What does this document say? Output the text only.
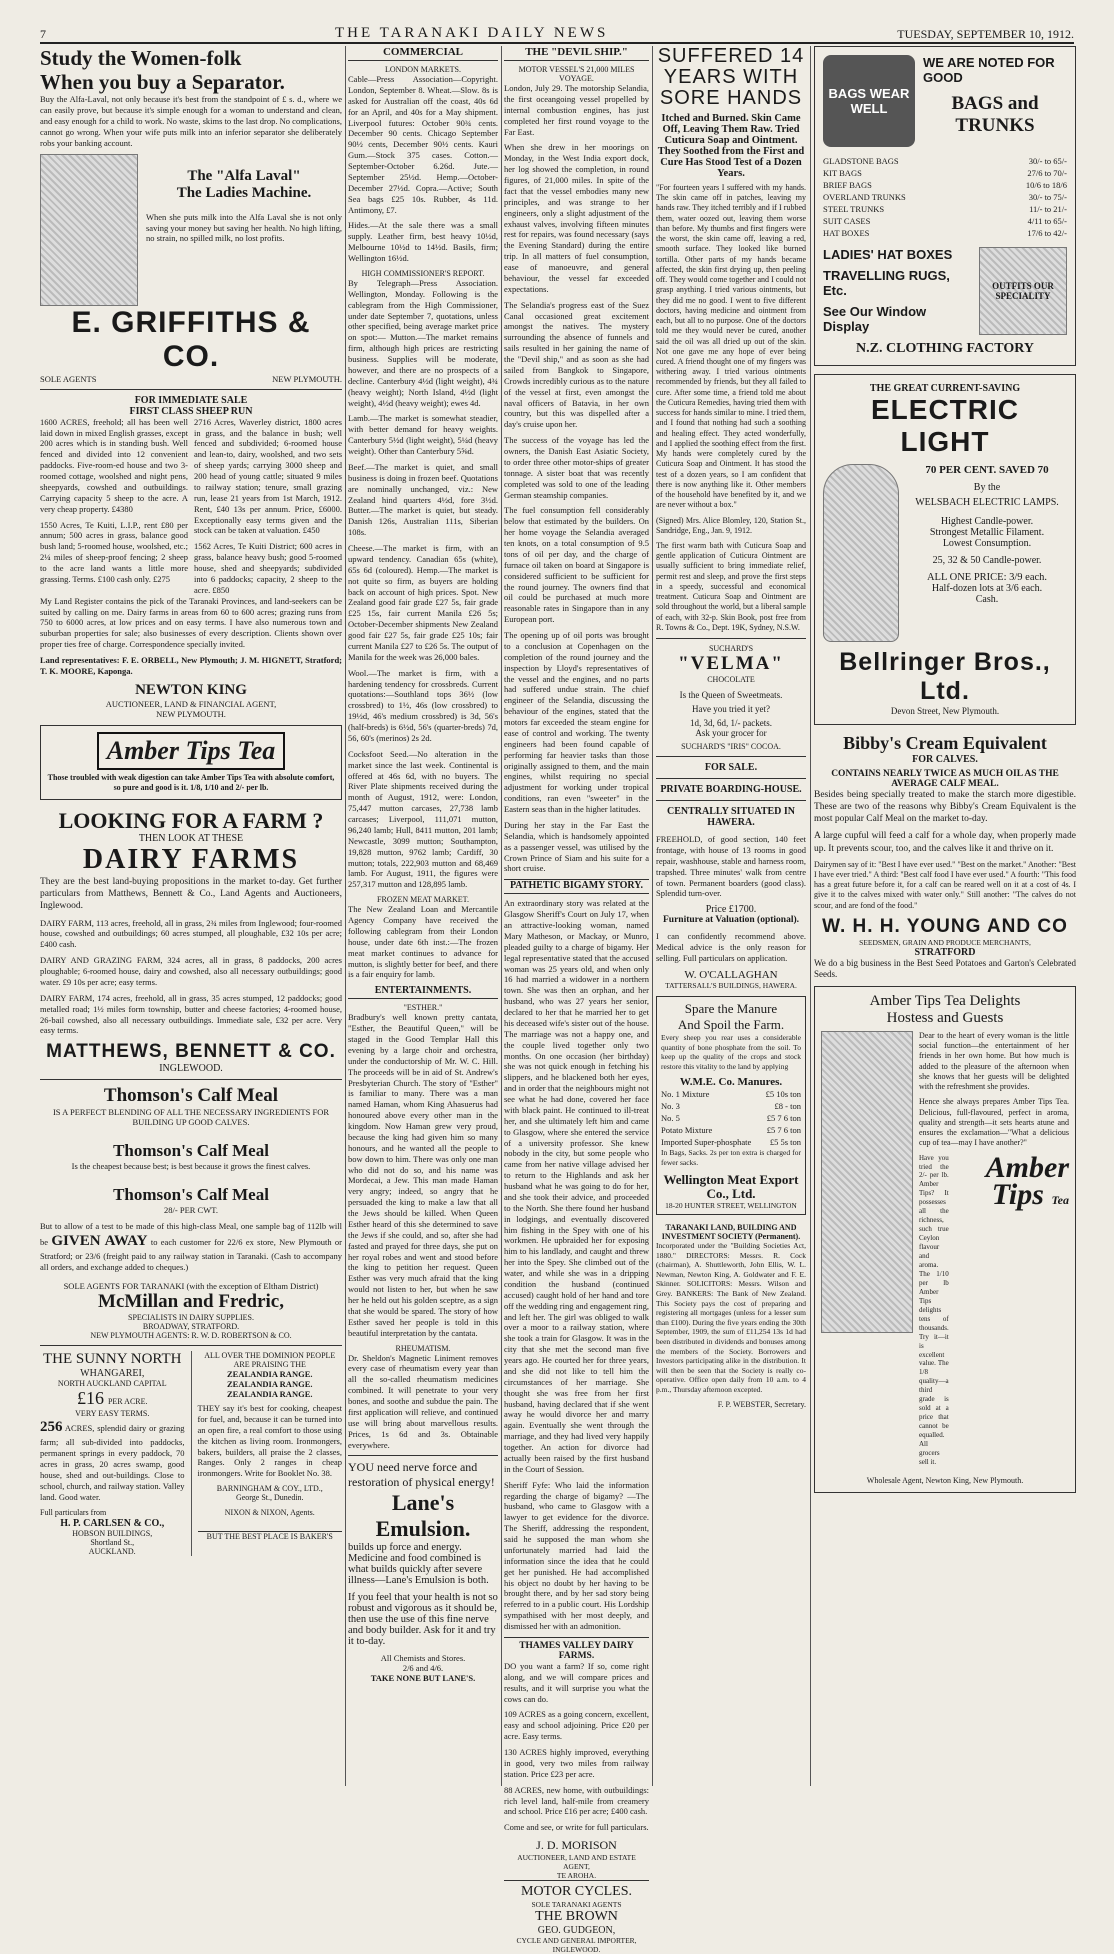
7	THE TARANAKI DAILY NEWS	TUESDAY, SEPTEMBER 10, 1912.
Study the Women-folk
When you buy a Separator.

Buy the Alfa-Laval, not only because it's best from the standpoint of £ s. d., where we can easily prove, but because it's simple enough for a woman to understand and clean, and easy enough for a child to work. No waste, skims to the last drop. No complications, cannot go wrong. When your wife puts milk into an inferior separator she deliberately robs your banking account.

The "Alfa Laval"
The Ladies Machine.

When she puts milk into the Alfa Laval she is not only saving your money but saving her health. No high lifting, no strain, no spilled milk, no lost profits.

E. GRIFFITHS & CO.
SOLE AGENTS	NEW PLYMOUTH.
FOR IMMEDIATE SALE
FIRST CLASS SHEEP RUN

1600 ACRES, freehold; all has been well laid down in mixed English grasses, except 200 acres which is in standing bush. Well fenced and divided into 12 convenient paddocks. Five-room-ed house and two 3-roomed cottage, woolshed and night pens, sheepyards, cowshed and outbuildings. Carrying capacity 5 sheep to the acre. A very cheap property. £4380

1550 Acres, Te Kuiti, L.I.P., rent £80 per annum; 500 acres in grass, balance good bush land; 5-roomed house, woolshed, etc.; 2¼ miles of sheep-proof fencing; 2 sheep to the acre land wants a little more grassing. Terms. £100 cash only. £275

2716 Acres, Waverley district, 1800 acres in grass, and the balance in bush; well fenced and subdivided; 6-roomed house and lean-to, dairy, woolshed, and two sets of sheep yards; carrying 3000 sheep and 200 head of young cattle; situated 9 miles to railway station; tenure, small grazing run, lease 21 years from 1st March, 1912. Rent, £40 13s per annum. Price, £6000. Exceptionally easy terms given and the stock can be taken at valuation. £450

1562 Acres, Te Kuiti District; 600 acres in grass, balance heavy bush; good 5-roomed house, shed and sheepyards; subdivided into 6 paddocks; capacity, 2 sheep to the acre. £850

My Land Register contains the pick of the Taranaki Provinces, and land-seekers can be suited by calling on me. Dairy farms in areas from 60 to 600 acres; grazing runs from 750 to 6000 acres, at low prices and on easy terms. I have also numerous town and suburban properties for sale; also businesses of every description. Clients shown over proper ties free of charge. Correspondence specially invited.

Land representatives: F. E. ORBELL, New Plymouth; J. M. HIGNETT, Stratford; T. K. MOORE, Kaponga.

NEWTON KING
AUCTIONEER, LAND & FINANCIAL AGENT,
NEW PLYMOUTH.
Amber Tips Tea
Those troubled with weak digestion can take Amber Tips Tea with absolute comfort, so pure and good is it. 1/8, 1/10 and 2/- per lb.
LOOKING FOR A FARM ?
THEN LOOK AT THESE
DAIRY FARMS

They are the best land-buying propositions in the market to-day. Get further particulars from Matthews, Bennett & Co., Land Agents and Auctioneers, Inglewood.

DAIRY FARM, 113 acres, freehold, all in grass, 2¾ miles from Inglewood; four-roomed house, cowshed and outbuildings; 60 acres stumped, all ploughable, £32 10s per acre; £400 cash.

DAIRY AND GRAZING FARM, 324 acres, all in grass, 8 paddocks, 200 acres ploughable; 6-roomed house, dairy and cowshed, also all necessary outbuildings; good water. £9 10s per acre; easy terms.

DAIRY FARM, 174 acres, freehold, all in grass, 35 acres stumped, 12 paddocks; good metalled road; 1½ miles form township, butter and cheese factories; 4-roomed house, 26-bail cowshed, also all necessary outbuildings. Immediate sale, £32 per acre. Very easy terms.

MATTHEWS, BENNETT & CO.
INGLEWOOD.
Thomson's Calf Meal
IS A PERFECT BLENDING OF ALL THE NECESSARY INGREDIENTS FOR BUILDING UP GOOD CALVES.
Thomson's Calf Meal
Is the cheapest because best; is best because it grows the finest calves.
Thomson's Calf Meal
28/- PER CWT.

But to allow of a test to be made of this high-class Meal, one sample bag of 112lb will be GIVEN AWAY to each customer for 22/6 ex store, New Plymouth or Stratford; or 23/6 (freight paid to any railway station in Taranaki. (Cash to accompany all orders, and exchange added to cheques.)

SOLE AGENTS FOR TARANAKI (with the exception of Eltham District)
McMillan and Fredric,
SPECIALISTS IN DAIRY SUPPLIES.
BROADWAY, STRATFORD.
NEW PLYMOUTH AGENTS: R. W. D. ROBERTSON & CO.
THE SUNNY NORTH
WHANGAREI,
NORTH AUCKLAND CAPITAL
£16 PER ACRE.
VERY EASY TERMS.

256 ACRES, splendid dairy or grazing farm; all sub-divided into paddocks, permanent springs in every paddock, 70 acres in grass, 20 acres swamp, good house, shed and out-buildings. Close to school, church, and railway station. Valley land. Good water.

Full particulars from
H. P. CARLSEN & CO.,
HOBSON BUILDINGS,
Shortland St.,
AUCKLAND.
ALL OVER THE DOMINION PEOPLE ARE PRAISING THE
ZEALANDIA RANGE.
ZEALANDIA RANGE.
ZEALANDIA RANGE.

THEY say it's best for cooking, cheapest for fuel, and, because it can be turned into an open fire, a real comfort to those using the kitchen as living room. Ironmongers, bakers, builders, all praise the 2 classes, Ranges. Only 2 ranges in cheap ironmongers. Write for Booklet No. 38.

BARNINGHAM & COY., LTD.,
George St., Dunedin.
NIXON & NIXON, Agents.
BUT THE BEST PLACE IS BAKER'S
COMMERCIAL
LONDON MARKETS.

Cable—Press Association—Copyright. London, September 8. Wheat.—Slow. 8s is asked for Australian off the coast, 40s 6d for an April, and 40s for a May shipment. Liverpool futures: October 90¾ cents. December 90 cents. Chicago September 90½ cents, December 90½ cents. Kauri Gum.—Stock 375 cases. Cotton.—September-October 6.26d. Jute.—September 25½d. Hemp.—October-December 27½d. Copra.—Active; South Sea bags £25 10s. Rubber, 4s 11d. Antimony, £7.

Hides.—At the sale there was a small supply. Leather firm, best heavy 10½d, Melbourne 10½d to 14½d. Basils, firm; Wellington 16½d.

HIGH COMMISSIONER'S REPORT.

By Telegraph—Press Association. Wellington, Monday. Following is the cablegram from the High Commissioner, under date September 7, quotations, unless other specified, being average market price on spot:— Mutton.—The market remains firm, although high prices are restricting business. Supplies will be moderate, however, and there are no prospects of a decline. Canterbury 4½d (light weight), 4¾ (heavy weight); North Island, 4½d (light weight), 4½d (heavy weight); ewes 4d.

Lamb.—The market is somewhat steadier, with better demand for heavy weights. Canterbury 5½d (light weight), 5¼d (heavy weight). Other than Canterbury 5⅝d.

Beef.—The market is quiet, and small business is doing in frozen beef. Quotations are nominally unchanged, viz.: New Zealand hind quarters 4½d, fore 3½d. Butter.—The market is quiet, but steady. Danish 126s, Australian 111s, Siberian 108s.

Cheese.—The market is firm, with an upward tendency. Canadian 65s (white), 65s 6d (coloured). Hemp.—The market is not quite so firm, as buyers are holding back on account of high prices. Spot. New Zealand good fair grade £27 5s, fair grade £25 15s, fair current Manila £26 5s; October-December shipments New Zealand good fair £27 5s, fair grade £25 10s; fair current Manila £27 to £26 5s. The output of Manila for the week was 26,000 bales.

Wool.—The market is firm, with a hardening tendency for crossbreds. Current quotations:—Southland tops 36½ (low crossbred) to 1½, 46s (low crossbred) to 19½d, 46's medium crossbred) is 3d, 56's (half-breds) is 6½d, 56's (quarter-breds) 7d, 56, 60's (merinos) 2s 2d.

Cocksfoot Seed.—No alteration in the market since the last week. Continental is offered at 46s 6d, with no buyers. The River Plate shipments received during the month of August, 1912, were: London, 75,447 mutton carcases, 27,738 lamb carcases; Liverpool, 111,071 mutton, 96,240 lamb; Hull, 8411 mutton, 201 lamb; Newcastle, 3099 mutton; Southampton, 19,828 mutton, 9762 lamb; Cardiff, 30 mutton; totals, 222,903 mutton and 68,469 lamb. For August, 1911, the figures were 257,317 mutton and 128,895 lamb.

FROZEN MEAT MARKET.

The New Zealand Loan and Mercantile Agency Company have received the following cablegram from their London house, under date 6th inst.:—The frozen meat market continues to advance for mutton, is slightly better for beef, and there is a fair enquiry for lamb.

ENTERTAINMENTS.
"ESTHER."

Bradbury's well known pretty cantata, "Esther, the Beautiful Queen," will be staged in the Good Templar Hall this evening by a large choir and orchestra, under the conductorship of Mr. W. C. Hill. The proceeds will be in aid of St. Andrew's Presbyterian Church. The story of "Esther" is familiar to many. There was a man named Haman, whom King Ahasuerus had honoured above every other man in the kingdom. Now Haman grew very proud, because the king had given him so many honours, and he wanted all the people to bow down to him. There was only one man who did not do so, and his name was Mordecai, a Jew. This man made Haman very angry; indeed, so angry that he persuaded the king to make a law that all the Jews should be killed. When Queen Esther heard of this she determined to save the Jews if she could, and so, after she had fasted and prayed for three days, she put on her royal robes and went and stood before the king to petition her request. Queen Esther was very much afraid that the king would not listen to her, but when he saw her he held out his golden sceptre, as a sign that she would be spared. The story of how Esther saved her people is told in this beautiful interpretation by the cantata.

RHEUMATISM.

Dr. Sheldon's Magnetic Liniment removes every case of rheumatism every year than all the so-called rheumatism medicines combined. It will penetrate to your very bones, and soothe and subdue the pain. The first application will relieve, and continued use will bring about marvellous results. Prices, 1s 6d and 3s. Obtainable everywhere.

YOU need nerve force and restoration of physical energy!
Lane's Emulsion.
builds up force and energy. Medicine and food combined is what builds quickly after severe illness—Lane's Emulsion is both.
If you feel that your health is not so robust and vigorous as it should be, then use the use of this fine nerve and body builder. Ask for it and try it to-day.
All Chemists and Stores.
2/6 and 4/6.
TAKE NONE BUT LANE'S.
THE "DEVIL SHIP."
MOTOR VESSEL'S 21,000 MILES VOYAGE.

London, July 29. The motorship Selandia, the first oceangoing vessel propelled by internal combustion engines, has just completed her first round voyage to the Far East.

When she drew in her moorings on Monday, in the West India export dock, her log showed the completion, in round figures, of 21,000 miles. In spite of the fact that the vessel embodies many new principles, and was strange to her engineers, only a slight adjustment of the exhaust valves, involving fifteen minutes rest for repairs, was found necessary (says the Evening Standard) during the entire trip. In all matters of fuel consumption, ease of manoeuvre, and general behaviour, the vessel far exceeded expectations.

The Selandia's progress east of the Suez Canal occasioned great excitement amongst the natives. The mystery surrounding the absence of funnels and sails resulted in her gaining the name of the "Devil ship," and as soon as she had sailed from Bangkok to Singapore, Crowds incredibly curious as to the nature of the vessel at first, even amongst the naval officers of Batavia, in her own country, but this was dispelled after a day's cruise upon her.

The success of the voyage has led the owners, the Danish East Asiatic Society, to order three other motor-ships of greater tonnage. A sister boat that was recently completed was sold to one of the leading German steamship companies.

The fuel consumption fell considerably below that estimated by the builders. On her home voyage the Selandia averaged ten knots, on a total consumption of 9.5 tons of oil per day, and the charge of furnace oil taken on board at Singapore is considered sufficient to be sufficient for the round journey. The owners find that oil could be purchased at much more reasonable rates in Singapore than in any European port.

The opening up of oil ports was brought to a conclusion at Copenhagen on the completion of the round journey and the inspection by Lloyd's representatives of the vessel and the engines, and no parts had suffered undue strain. The chief engineer of the Selandia, discussing the behaviour of the engines, stated that the motors far exceeded the steam engine for ease of control and working. The twenty engineers had been found capable of performing far heavier tasks than those originally assigned to them, and the main engines, whilst requiring no special adjustment for working under tropical conditions, ran even "sweeter" in the Eastern seas than in the higher latitudes.

During her stay in the Far East the Selandia, which is handsomely appointed as a passenger vessel, was utilised by the Crown Prince of Siam and his suite for a short cruise.

PATHETIC BIGAMY STORY.

An extraordinary story was related at the Glasgow Sheriff's Court on July 17, when an attractive-looking woman, named Mary Matheson, or Mackay, or Munro, pleaded guilty to a charge of bigamy. Her legal representative stated that the accused woman was 25 years old, and when only 16 had married a widower in a northern town. She was then an orphan, and her husband, who was 27 years her senior, declared to her that he married her to get his deceased wife's sister out of the house. The marriage was not a happy one, and the couple lived together only two months. On one occasion (her birthday) she was not quick enough in fetching his slippers, and he blackened both her eyes, and in order that the neighbours might not see what he had done, covered her face with black paint. He continued to ill-treat her, and she ultimately left him and came to Glasgow, where she entered the service of a university professor. She knew nobody in the city, but some people who came from her native village advised her to return to the Highlands and ask her husband what he was going to do for her, and she took their advice, and proceeded to the North. She there found her husband in lodgings, and eventually discovered him fishing in the Spey with one of his workmen. He upbraided her for exposing him to his landlady, and caught and threw her into the Spey. She climbed out of the water, and while she was in a dripping condition the husband (continued accused) caught hold of her hand and tore off the wedding ring and engagement ring, and left her. The girl was obliged to walk over a moor to a railway station, where she took a train for Glasgow. It was in the city that she met the second man five years ago. He courted her for three years, and she did not like to tell him the circumstances of her marriage. She thought she was free from her first husband, having declared that if she went away he would divorce her and marry again. Eventually she went through the marriage, and they had lived very happily together. An action for divorce had actually been raised by the first husband in the Court of Session.

Sheriff Fyfe: Who laid the information regarding the charge of bigamy? —The husband, who came to Glasgow with a lawyer to get evidence for the divorce. The Sheriff, addressing the respondent, said he supposed the man whom she unfortunately married had laid the information since the idea that he could get her punished. He had accomplished his object no doubt by her having to be brought there, and by her sad story being referred to in a public court. His Lordship sympathised with her most deeply, and dismissed her with an admonition.

THAMES VALLEY DAIRY FARMS.

DO you want a farm? If so, come right along, and we will compare prices and results, and it will surprise you what the cows can do.

109 ACRES as a going concern, excellent, easy and school adjoining. Price £20 per acre. Easy terms.

130 ACRES highly improved, everything in good, very two miles from railway station. Price £23 per acre.

88 ACRES, new home, with outbuildings: rich level land, half-mile from creamery and school. Price £16 per acre; £400 cash.

Come and see, or write for full particulars.

J. D. MORISON
AUCTIONEER, LAND AND ESTATE AGENT,
TE AROHA.
MOTOR CYCLES.
SOLE TARANAKI AGENTS
THE BROWN
GEO. GUDGEON,
CYCLE AND GENERAL IMPORTER, INGLEWOOD.
SUFFERED 14 YEARS WITH SORE HANDS
Itched and Burned. Skin Came Off, Leaving Them Raw. Tried Cuticura Soap and Ointment. They Soothed from the First and Cure Has Stood Test of a Dozen Years.

"For fourteen years I suffered with my hands. The skin came off in patches, leaving my hands raw. They itched terribly and if I rubbed them, water oozed out, leaving them worse than before. My thumbs and first fingers were the worst, the skin came off, leaving a red, smooth surface. They looked like burned tortilla. Other parts of my hands became affected, the skin first drying up, then peeling off. They would come together and I could not grasp anything. I tried various ointments, but they did me no good. I went to five different doctors, having medicine and ointment from each, but all to no purpose. One of the doctors told me they would never be cured, another said the oil was all dried up out of the skin. Not one gave me any hope of ever being cured. A friend thought one of my fingers was withering away. I tried various ointments recommended by friends, but they all failed to cure. After some time, a friend told me about the Cuticura Remedies, having tried them with success for hands similar to mine. I tried them, and I found that nothing had such a soothing and healing effect. They acted wonderfully, and I applied the soothing effect from the first. My hands were completely cured by the Cuticura Soap and Ointment. It has stood the test of a dozen years, so I am confident that there is now anything like it. Other members of the household have benefited by it, and we are never without a box."

(Signed) Mrs. Alice Blomley, 120, Station St., Sandridge, Eng., Jan. 9, 1912.

The first warm bath with Cuticura Soap and gentle application of Cuticura Ointment are usually sufficient to bring immediate relief, permit rest and sleep, and prove the first steps in a speedy, successful and economical treatment. Cuticura Soap and Ointment are sold throughout the world, but a liberal sample of each, with 32-p. Skin Book, post free from R. Towns & Co., Dept. 19K, Sydney, N.S.W.

SUCHARD'S
"VELMA"
CHOCOLATE
Is the Queen of Sweetmeats.
Have you tried it yet?
1d, 3d, 6d, 1/- packets.
Ask your grocer for
SUCHARD'S "IRIS" COCOA.
FOR SALE.
PRIVATE BOARDING-HOUSE.
CENTRALLY SITUATED IN HAWERA.

FREEHOLD, of good section, 140 feet frontage, with house of 13 rooms in good repair, washhouse, stable and harness room, trapshed. Three minutes' walk from centre of town. Permanent boarders (good class). Splendid turn-over.

Price £1700.
Furniture at Valuation (optional).

I can confidently recommend above. Medical advice is the only reason for selling. Full particulars on application.

W. O'CALLAGHAN
TATTERSALL'S BUILDINGS, HAWERA.
Spare the Manure
And Spoil the Farm.

Every sheep you rear uses a considerable quantity of bone phosphate from the soil. To keep up the quality of the crops and stock restore this vitality to the land by applying

W.M.E. Co. Manures.
No. 1 Mixture	£5 10s ton
No. 3	£8 - ton
No. 5	£5 7 6 ton
Potato Mixture	£5 7 6 ton
Imported Super-phosphate	£5 5s ton

In Bags, Sacks. 2s per ton extra is charged for fewer sacks.

Wellington Meat Export Co., Ltd.
18-20 HUNTER STREET, WELLINGTON
TARANAKI LAND, BUILDING AND INVESTMENT SOCIETY (Permanent).

Incorporated under the "Building Societies Act, 1880." DIRECTORS: Messrs. R. Cock (chairman), A. Shuttleworth, John Ellis, W. L. Newman, Newton King, A. Goldwater and F. E. Skinner. SOLICITORS: Messrs. Wilson and Grey. BANKERS: The Bank of New Zealand. This Society pays the cost of preparing and registering all mortgages (unless for a lesser sum than £100). During the five years ending the 30th September, 1909, the sum of £11,254 13s 1d had been distributed in dividends and bonuses among the members of the Society. Borrowers and Investors participating alike in the distribution. It will then be seen that the Society is really co-operative. Office open daily from 10 a.m. to 4 p.m., Thursday afternoon excepted.

F. P. WEBSTER, Secretary.
BAGS WEAR WELL
WE ARE NOTED FOR GOOD
BAGS and TRUNKS
GLADSTONE BAGS	30/- to 65/-
KIT BAGS	27/6 to 70/-
BRIEF BAGS	10/6 to 18/6
OVERLAND TRUNKS	30/- to 75/-
STEEL TRUNKS	11/- to 21/-
SUIT CASES	4/11 to 65/-
HAT BOXES	17/6 to 42/-
LADIES' HAT BOXES
TRAVELLING RUGS, Etc.
See Our Window Display
OUTFITS OUR SPECIALITY
N.Z. CLOTHING FACTORY
THE GREAT CURRENT-SAVING
ELECTRIC LIGHT
70 PER CENT. SAVED 70
By the
WELSBACH ELECTRIC LAMPS.
Highest Candle-power.
Strongest Metallic Filament.
Lowest Consumption.
25, 32 & 50 Candle-power.
ALL ONE PRICE: 3/9 each.
Half-dozen lots at 3/6 each.
Cash.
Bellringer Bros., Ltd.
Devon Street, New Plymouth.
Bibby's Cream Equivalent
FOR CALVES.
CONTAINS NEARLY TWICE AS MUCH OIL AS THE AVERAGE CALF MEAL.

Besides being specially treated to make the starch more digestible. These are two of the reasons why Bibby's Cream Equivalent is the most popular Calf Meal on the market to-day.

A large cupful will feed a calf for a whole day, when properly made up. It prevents scour, too, and the calves like it and thrive on it.

Dairymen say of it: "Best I have ever used." "Best on the market." Another: "Best I have ever tried." A third: "Best calf food I have ever used." A fourth: "This food has a great future before it, for a calf can be reared well on it at a cost of 4s. I give it to the calves mixed with water only." Still another: "The calves do not scour, and are fond of the food."

W. H. H. YOUNG AND CO
SEEDSMEN, GRAIN AND PRODUCE MERCHANTS,
STRATFORD

We do a big business in the Best Seed Potatoes and Garton's Celebrated Seeds.

Amber Tips Tea Delights
Hostess and Guests

Dear to the heart of every woman is the little social function—the entertainment of her friends in her own home. But how much is added to the pleasure of the afternoon when she knows that her guests will be delighted with the refreshment she provides.

Hence she always prepares Amber Tips Tea. Delicious, full-flavoured, perfect in aroma, quality and strength—it sets hearts atune and ensures the exclamation—"What a delicious cup of tea—may I have another?"

Have you tried the 2/- per lb. Amber Tips? It possesses all the richness, such true Ceylon flavour and aroma. The 1/10 per lb Amber Tips delights tens of thousands. Try it—it is excellent value. The 1/8 quality—a third grade is sold at a price that cannot be equalled. All grocers sell it.

Amber Tips Tea
Wholesale Agent, Newton King, New Plymouth.
